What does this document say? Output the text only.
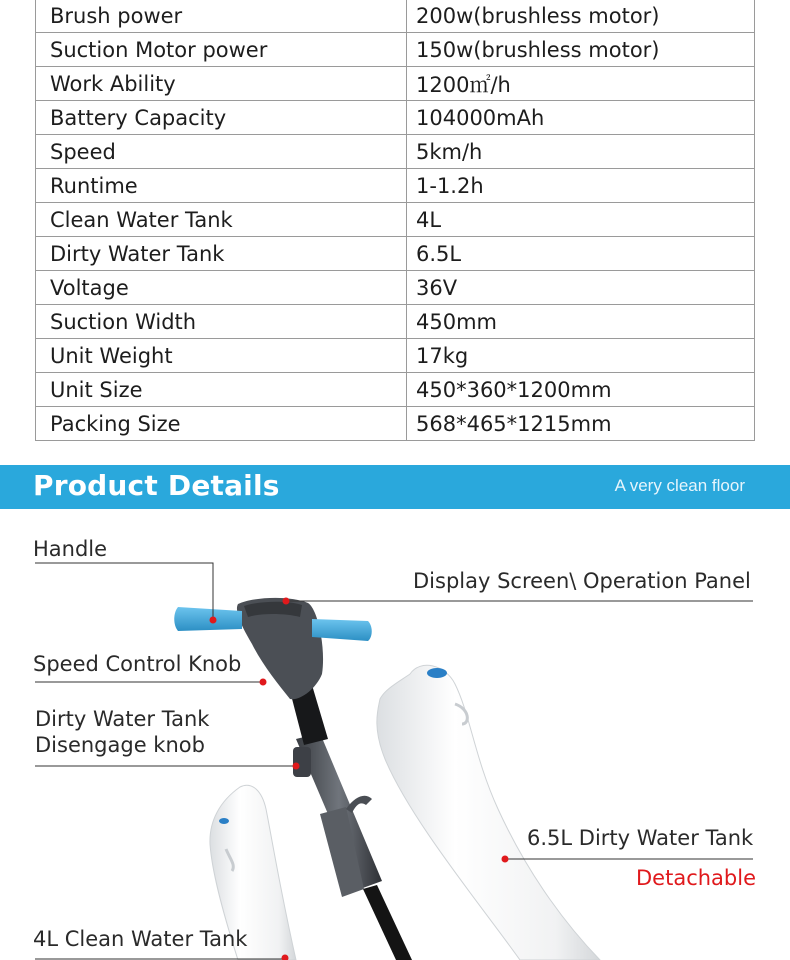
Brush power	200w(brushless motor)
Suction Motor power	150w(brushless motor)
Work Ability	1200㎡/h
Battery Capacity	104000mAh
Speed	5km/h
Runtime	1-1.2h
Clean Water Tank	4L
Dirty Water Tank	6.5L
Voltage	36V
Suction Width	450mm
Unit Weight	17kg
Unit Size	450*360*1200mm
Packing Size	568*465*1215mm
Product Details	A very clean floor
Handle
Display Screen\ Operation Panel
Speed Control Knob
Dirty Water Tank
Disengage knob
6.5L Dirty Water Tank
Detachable
4L Clean Water Tank
